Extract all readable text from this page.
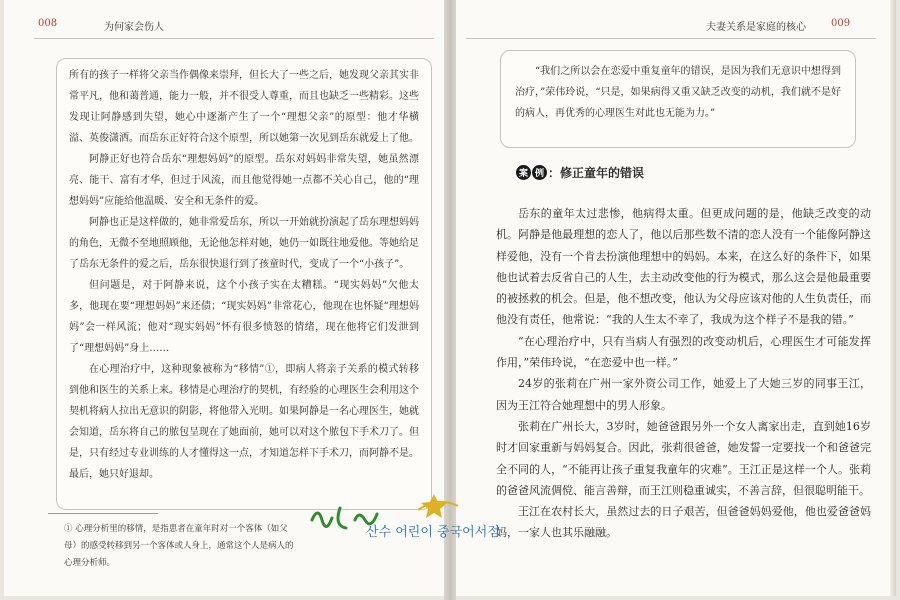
008	为何家会伤人

所有的孩子一样将父亲当作偶像来崇拜，但长大了一些之后，她发现父亲其实非常平凡，他和蔼普通，能力一般，并不很受人尊重，而且也缺乏一些精彩。这些发现让阿静感到失望，她心中逐渐产生了一个“理想父亲”的原型：他才华横溢、英俊潇洒。而岳东正好符合这个原型，所以她第一次见到岳东就爱上了他。

阿静正好也符合岳东“理想妈妈”的原型。岳东对妈妈非常失望，她虽然漂亮、能干、富有才华，但过于风流，而且他觉得她一点都不关心自己，他的“理想妈妈”应能给他温暖、安全和无条件的爱。

阿静也正是这样做的，她非常爱岳东，所以一开始就扮演起了岳东理想妈妈的角色，无微不至地照顾他，无论他怎样对她，她仍一如既往地爱他。等她给足了岳东无条件的爱之后，岳东很快退行到了孩童时代，变成了一个“小孩子”。

但问题是，对于阿静来说，这个小孩子实在太糟糕。“现实妈妈”欠他太多，他现在要“理想妈妈”来还债；“现实妈妈”非常花心，他现在也怀疑“理想妈妈”会一样风流；他对“现实妈妈”怀有很多愤怒的情绪，现在他将它们发泄到了“理想妈妈”身上……

在心理治疗中，这种现象被称为“移情”①，即病人将亲子关系的模式转移到他和医生的关系上来。移情是心理治疗的契机，有经验的心理医生会利用这个契机将病人拉出无意识的阴影，将他带入光明。如果阿静是一名心理医生，她就会知道，岳东将自己的脓包呈现在了她面前，她可以对这个脓包下手术刀了。但是，只有经过专业训练的人才懂得这一点，才知道怎样下手术刀，而阿静不是。最后，她只好退却。

① 心理分析里的移情，是指患者在童年时对一个客体（如父母）的感受转移到另一个客体或人身上，通常这个人是病人的心理分析师。
夫妻关系是家庭的核心	009

“我们之所以会在恋爱中重复童年的错误，是因为我们无意识中想得到治疗，”荣伟玲说，“只是，如果病得又重又缺乏改变的动机，我们就不是好的病人，再优秀的心理医生对此也无能为力。”

案 例 ：修正童年的错误

岳东的童年太过悲惨，他病得太重。但更成问题的是，他缺乏改变的动机。阿静是他最理想的恋人了，他以后那些数不清的恋人没有一个能像阿静这样爱他，没有一个肯去扮演他理想中的妈妈。本来，在这么好的条件下，如果他也试着去反省自己的人生，去主动改变他的行为模式，那么这会是他最重要的被拯救的机会。但是，他不想改变，他认为父母应该对他的人生负责任，而他没有责任，他常说：“我的人生太不幸了，我成为这个样子不是我的错。”

“在心理治疗中，只有当病人有强烈的改变动机后，心理医生才可能发挥作用，”荣伟玲说，“在恋爱中也一样。”

24岁的张莉在广州一家外资公司工作，她爱上了大她三岁的同事王江，因为王江符合她理想中的男人形象。

张莉在广州长大，3岁时，她爸爸跟另外一个女人离家出走，直到她16岁时才回家重新与妈妈复合。因此，张莉很爸爸，她发誓一定要找一个和爸爸完全不同的人，“不能再让孩子重复我童年的灾难”。王江正是这样一个人。张莉的爸爸风流倜傥、能言善辩，而王江则稳重诚实，不善言辞，但很聪明能干。

王江在农村长大，虽然过去的日子艰苦，但爸爸妈妈爱他，他也爱爸爸妈妈，一家人也其乐融融。

산수 어린이 중국어서점
